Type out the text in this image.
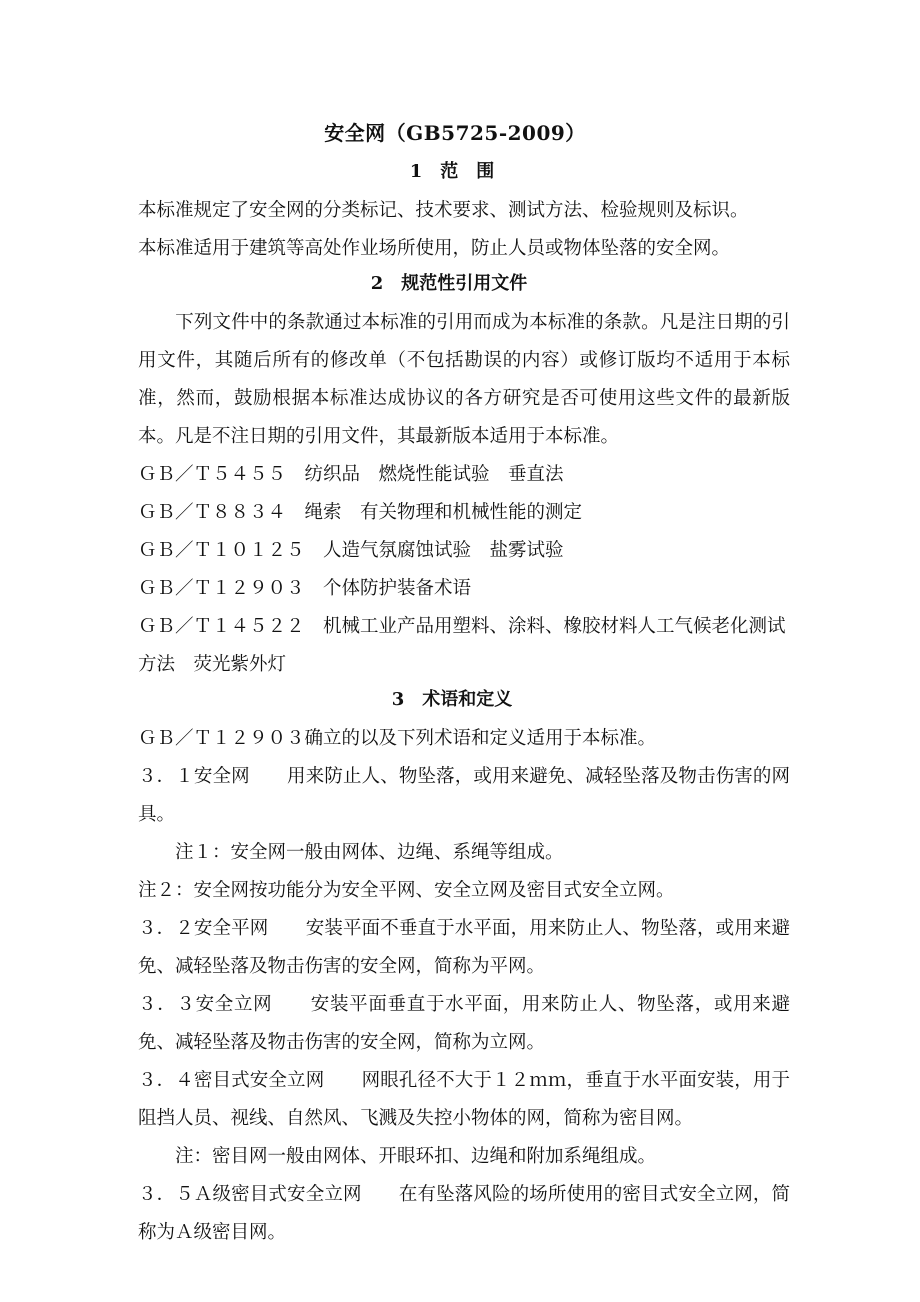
安全网（GB5725-2009）
1　范　围

本标准规定了安全网的分类标记、技术要求、测试方法、检验规则及标识。

本标准适用于建筑等高处作业场所使用，防止人员或物体坠落的安全网。

2　规范性引用文件

　　下列文件中的条款通过本标准的引用而成为本标准的条款。凡是注日期的引用文件，其随后所有的修改单（不包括勘误的内容）或修订版均不适用于本标准，然而，鼓励根据本标准达成协议的各方研究是否可使用这些文件的最新版本。凡是不注日期的引用文件，其最新版本适用于本标准。

ＧＢ／Ｔ５４５５　纺织品　燃烧性能试验　垂直法

ＧＢ／Ｔ８８３４　绳索　有关物理和机械性能的测定

ＧＢ／Ｔ１０１２５　人造气氛腐蚀试验　盐雾试验

ＧＢ／Ｔ１２９０３　个体防护装备术语

ＧＢ／Ｔ１４５２２　机械工业产品用塑料、涂料、橡胶材料人工气候老化测试方法　荧光紫外灯

3　术语和定义

ＧＢ／Ｔ１２９０３确立的以及下列术语和定义适用于本标准。

３．１安全网　　用来防止人、物坠落，或用来避免、减轻坠落及物击伤害的网具。

　　注１：安全网一般由网体、边绳、系绳等组成。

注２：安全网按功能分为安全平网、安全立网及密目式安全立网。

３．２安全平网　　安装平面不垂直于水平面，用来防止人、物坠落，或用来避免、减轻坠落及物击伤害的安全网，简称为平网。

３．３安全立网　　安装平面垂直于水平面，用来防止人、物坠落，或用来避免、减轻坠落及物击伤害的安全网，简称为立网。

３．４密目式安全立网　　网眼孔径不大于１２ｍｍ，垂直于水平面安装，用于阻挡人员、视线、自然风、飞溅及失控小物体的网，简称为密目网。

　　注：密目网一般由网体、开眼环扣、边绳和附加系绳组成。

３．５Ａ级密目式安全立网　　在有坠落风险的场所使用的密目式安全立网，简称为Ａ级密目网。
